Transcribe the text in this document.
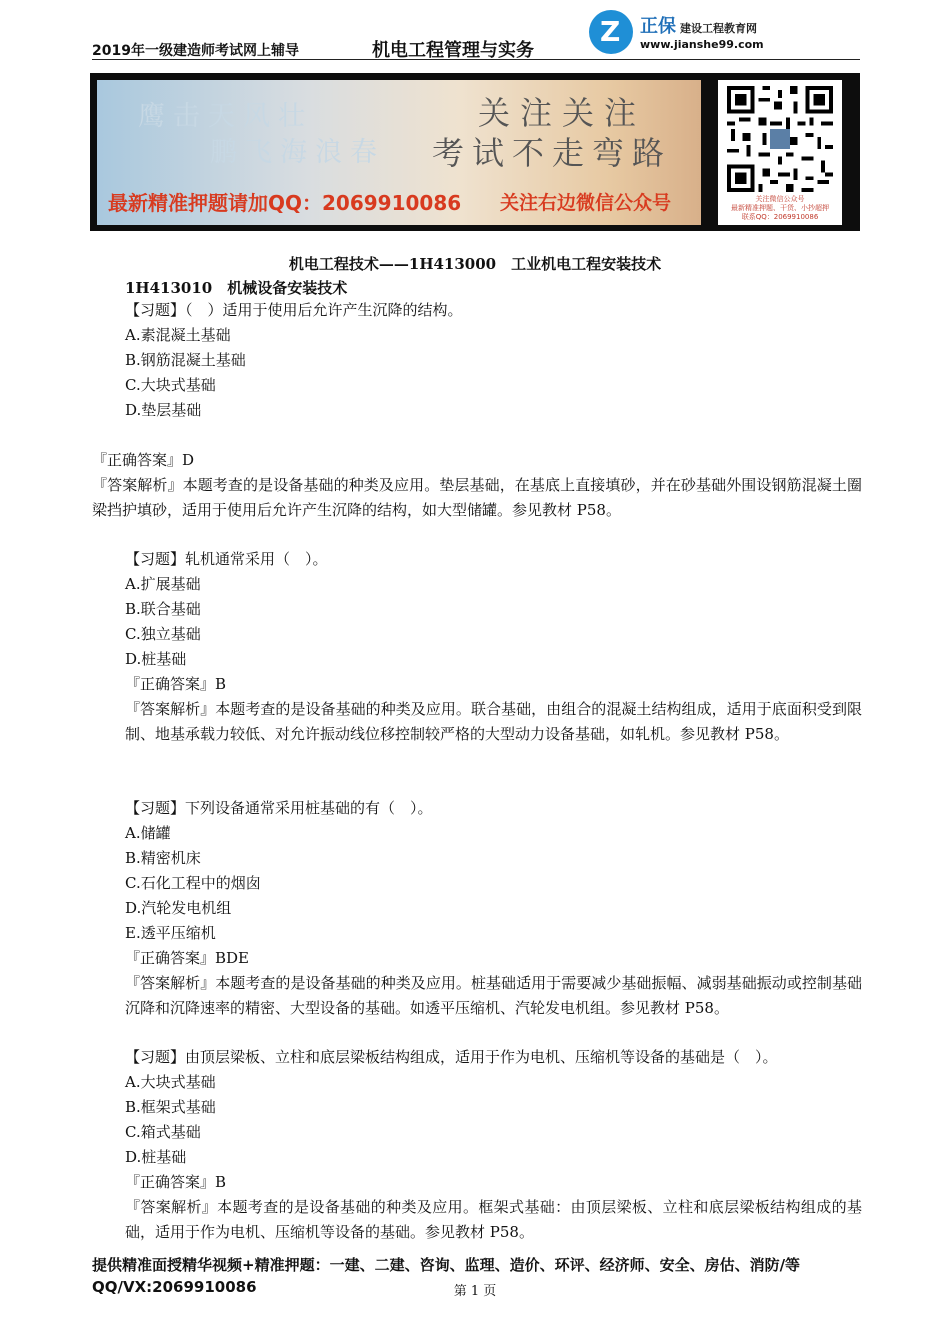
2019年一级建造师考试网上辅导	机电工程管理与实务
Z 正保 建设工程教育网
www.jianshe99.com
鹰击天风壮
鹏飞海浪春
关注关注
考试不走弯路
最新精准押题请加QQ：2069910086 关注右边微信公众号	关注微信公众号
最新精准押题、干货、小抄超押
联系QQ：2069910086
机电工程技术——1H413000　工业机电工程安装技术
1H413010　机械设备安装技术
【习题】（　）适用于使用后允许产生沉降的结构。
A.素混凝土基础
B.钢筋混凝土基础
C.大块式基础
D.垫层基础
『正确答案』D
『答案解析』本题考查的是设备基础的种类及应用。垫层基础，在基底上直接填砂，并在砂基础外围设钢筋混凝土圈梁挡护填砂，适用于使用后允许产生沉降的结构，如大型储罐。参见教材 P58。
【习题】轧机通常采用（　）。
A.扩展基础
B.联合基础
C.独立基础
D.桩基础
『正确答案』B
『答案解析』本题考查的是设备基础的种类及应用。联合基础，由组合的混凝土结构组成，适用于底面积受到限制、地基承载力较低、对允许振动线位移控制较严格的大型动力设备基础，如轧机。参见教材 P58。
【习题】下列设备通常采用桩基础的有（　）。
A.储罐
B.精密机床
C.石化工程中的烟囱
D.汽轮发电机组
E.透平压缩机
『正确答案』BDE
『答案解析』本题考查的是设备基础的种类及应用。桩基础适用于需要减少基础振幅、减弱基础振动或控制基础沉降和沉降速率的精密、大型设备的基础。如透平压缩机、汽轮发电机组。参见教材 P58。
【习题】由顶层梁板、立柱和底层梁板结构组成，适用于作为电机、压缩机等设备的基础是（　）。
A.大块式基础
B.框架式基础
C.箱式基础
D.桩基础
『正确答案』B
『答案解析』本题考查的是设备基础的种类及应用。框架式基础：由顶层梁板、立柱和底层梁板结构组成的基础，适用于作为电机、压缩机等设备的基础。参见教材 P58。
提供精准面授精华视频+精准押题：一建、二建、咨询、监理、造价、环评、经济师、安全、房估、消防/等
QQ/VX:2069910086	第 1 页
